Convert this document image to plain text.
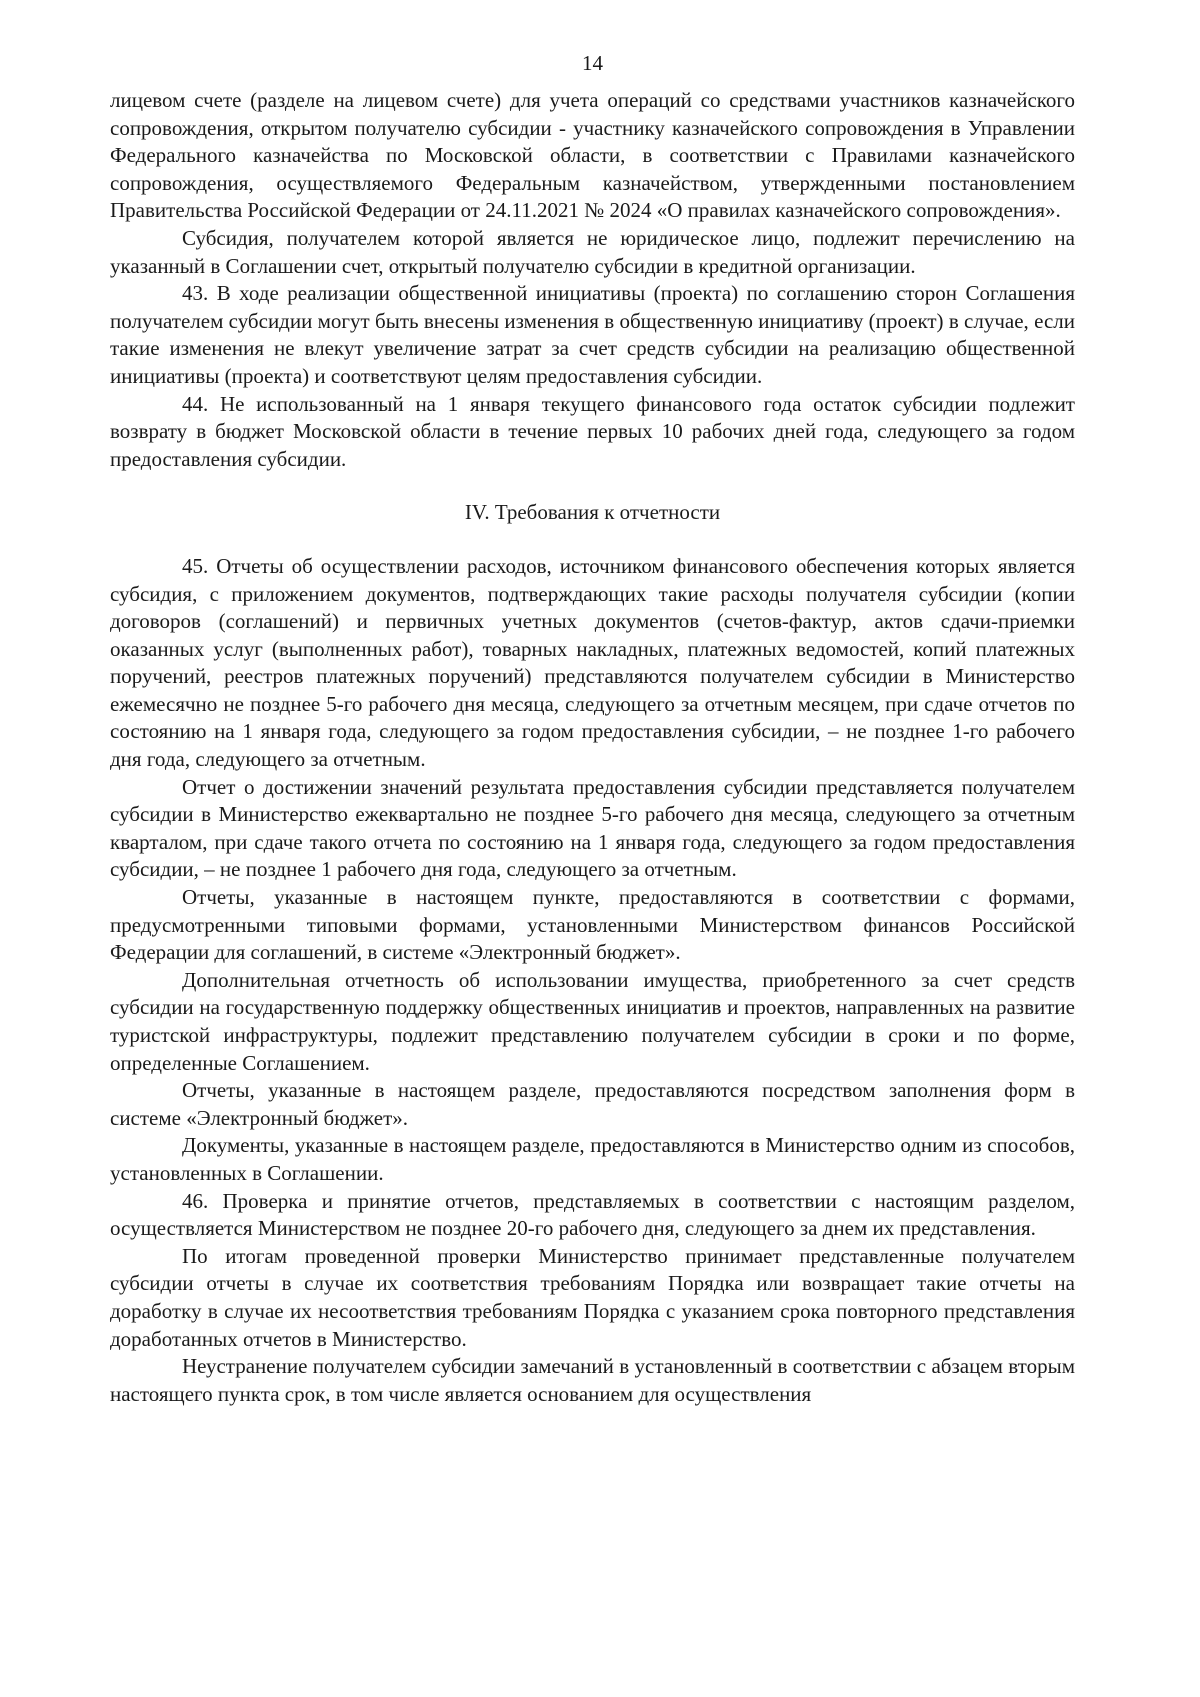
14

лицевом счете (разделе на лицевом счете) для учета операций со средствами участников казначейского сопровождения, открытом получателю субсидии - участнику казначейского сопровождения в Управлении Федерального казначейства по Московской области, в соответствии с Правилами казначейского сопровождения, осуществляемого Федеральным казначейством, утвержденными постановлением Правительства Российской Федерации от 24.11.2021 № 2024 «О правилах казначейского сопровождения».

Субсидия, получателем которой является не юридическое лицо, подлежит перечислению на указанный в Соглашении счет, открытый получателю субсидии в кредитной организации.

43. В ходе реализации общественной инициативы (проекта) по соглашению сторон Соглашения получателем субсидии могут быть внесены изменения в общественную инициативу (проект) в случае, если такие изменения не влекут увеличение затрат за счет средств субсидии на реализацию общественной инициативы (проекта) и соответствуют целям предоставления субсидии.

44. Не использованный на 1 января текущего финансового года остаток субсидии подлежит возврату в бюджет Московской области в течение первых 10 рабочих дней года, следующего за годом предоставления субсидии.

IV. Требования к отчетности

45. Отчеты об осуществлении расходов, источником финансового обеспечения которых является субсидия, с приложением документов, подтверждающих такие расходы получателя субсидии (копии договоров (соглашений) и первичных учетных документов (счетов-фактур, актов сдачи-приемки оказанных услуг (выполненных работ), товарных накладных, платежных ведомостей, копий платежных поручений, реестров платежных поручений) представляются получателем субсидии в Министерство ежемесячно не позднее 5-го рабочего дня месяца, следующего за отчетным месяцем, при сдаче отчетов по состоянию на 1 января года, следующего за годом предоставления субсидии, – не позднее 1-го рабочего дня года, следующего за отчетным.

Отчет о достижении значений результата предоставления субсидии представляется получателем субсидии в Министерство ежеквартально не позднее 5-го рабочего дня месяца, следующего за отчетным кварталом, при сдаче такого отчета по состоянию на 1 января года, следующего за годом предоставления субсидии, – не позднее 1 рабочего дня года, следующего за отчетным.

Отчеты, указанные в настоящем пункте, предоставляются в соответствии с формами, предусмотренными типовыми формами, установленными Министерством финансов Российской Федерации для соглашений, в системе «Электронный бюджет».

Дополнительная отчетность об использовании имущества, приобретенного за счет средств субсидии на государственную поддержку общественных инициатив и проектов, направленных на развитие туристской инфраструктуры, подлежит представлению получателем субсидии в сроки и по форме, определенные Соглашением.

Отчеты, указанные в настоящем разделе, предоставляются посредством заполнения форм в системе «Электронный бюджет».

Документы, указанные в настоящем разделе, предоставляются в Министерство одним из способов, установленных в Соглашении.

46. Проверка и принятие отчетов, представляемых в соответствии с настоящим разделом, осуществляется Министерством не позднее 20-го рабочего дня, следующего за днем их представления.

По итогам проведенной проверки Министерство принимает представленные получателем субсидии отчеты в случае их соответствия требованиям Порядка или возвращает такие отчеты на доработку в случае их несоответствия требованиям Порядка с указанием срока повторного представления доработанных отчетов в Министерство.

Неустранение получателем субсидии замечаний в установленный в соответствии с абзацем вторым настоящего пункта срок, в том числе является основанием для осуществления
